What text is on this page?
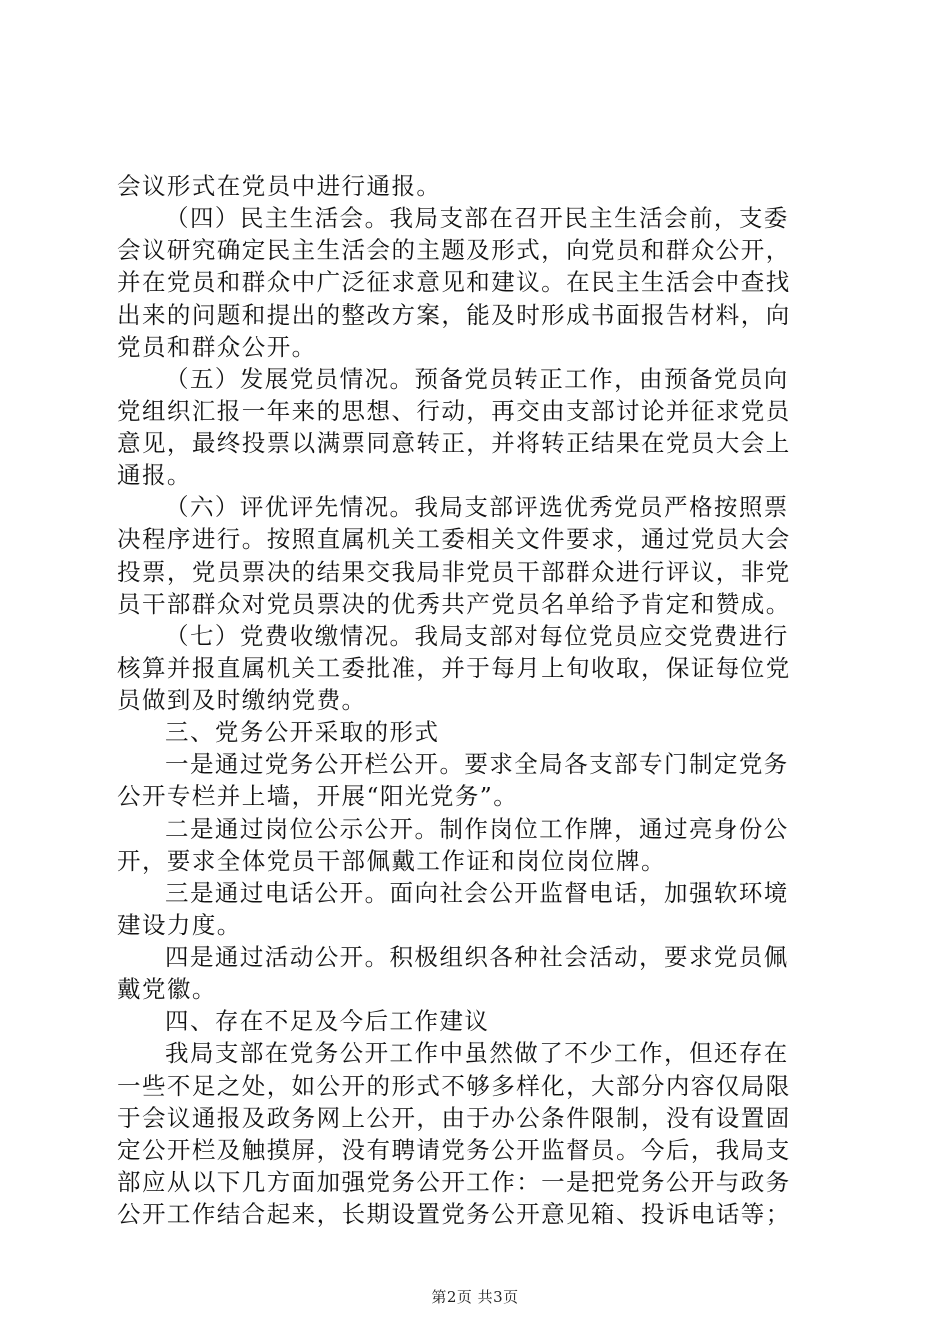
会议形式在党员中进行通报。
（四）民主生活会。我局支部在召开民主生活会前，支委
会议研究确定民主生活会的主题及形式，向党员和群众公开，
并在党员和群众中广泛征求意见和建议。在民主生活会中查找
出来的问题和提出的整改方案，能及时形成书面报告材料，向
党员和群众公开。
（五）发展党员情况。预备党员转正工作，由预备党员向
党组织汇报一年来的思想、行动，再交由支部讨论并征求党员
意见，最终投票以满票同意转正，并将转正结果在党员大会上
通报。
（六）评优评先情况。我局支部评选优秀党员严格按照票
决程序进行。按照直属机关工委相关文件要求，通过党员大会
投票，党员票决的结果交我局非党员干部群众进行评议，非党
员干部群众对党员票决的优秀共产党员名单给予肯定和赞成。
（七）党费收缴情况。我局支部对每位党员应交党费进行
核算并报直属机关工委批准，并于每月上旬收取，保证每位党
员做到及时缴纳党费。
三、党务公开采取的形式
一是通过党务公开栏公开。要求全局各支部专门制定党务
公开专栏并上墙，开展“阳光党务”。
二是通过岗位公示公开。制作岗位工作牌，通过亮身份公
开，要求全体党员干部佩戴工作证和岗位岗位牌。
三是通过电话公开。面向社会公开监督电话，加强软环境
建设力度。
四是通过活动公开。积极组织各种社会活动，要求党员佩
戴党徽。
四、存在不足及今后工作建议
我局支部在党务公开工作中虽然做了不少工作，但还存在
一些不足之处，如公开的形式不够多样化，大部分内容仅局限
于会议通报及政务网上公开，由于办公条件限制，没有设置固
定公开栏及触摸屏，没有聘请党务公开监督员。今后，我局支
部应从以下几方面加强党务公开工作：一是把党务公开与政务
公开工作结合起来，长期设置党务公开意见箱、投诉电话等；
第2页 共3页
